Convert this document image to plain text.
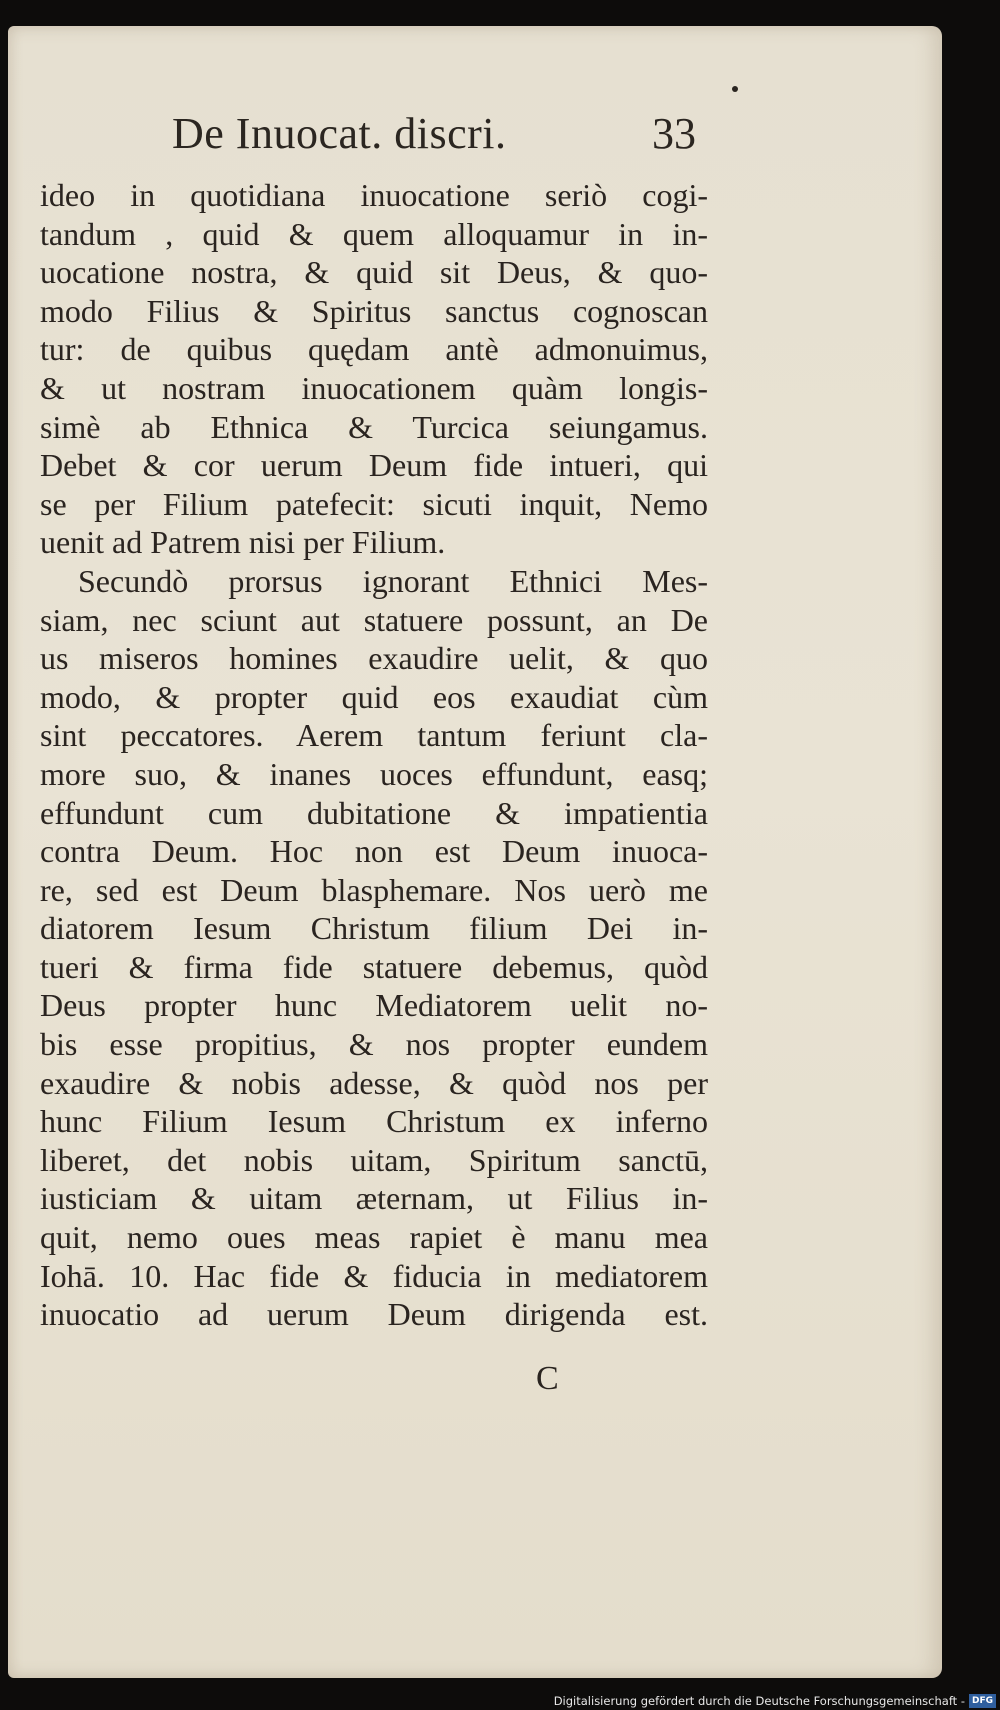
De Inuocat. discri.	33
ideo in quotidiana inuocatione seriò cogi-
tandum , quid & quem alloquamur in in-
uocatione nostra, & quid sit Deus, & quo-
modo Filius & Spiritus sanctus cognoscan
tur: de quibus quędam antè admonuimus,
& ut nostram inuocationem quàm longis-
simè ab Ethnica & Turcica seiungamus.
Debet & cor uerum Deum fide intueri, qui
se per Filium patefecit: sicuti inquit, Nemo
uenit ad Patrem nisi per Filium.
Secundò prorsus ignorant Ethnici Mes-
siam, nec sciunt aut statuere possunt, an De
us miseros homines exaudire uelit, & quo
modo, & propter quid eos exaudiat cùm
sint peccatores. Aerem tantum feriunt cla-
more suo, & inanes uoces effundunt, easq;
effundunt cum dubitatione & impatientia
contra Deum. Hoc non est Deum inuoca-
re, sed est Deum blasphemare. Nos uerò me
diatorem Iesum Christum filium Dei in-
tueri & firma fide statuere debemus, quòd
Deus propter hunc Mediatorem uelit no-
bis esse propitius, & nos propter eundem
exaudire & nobis adesse, & quòd nos per
hunc Filium Iesum Christum ex inferno
liberet, det nobis uitam, Spiritum sanctū,
iusticiam & uitam æternam, ut Filius in-
quit, nemo oues meas rapiet è manu mea
Iohā. 10. Hac fide & fiducia in mediatorem
inuocatio ad uerum Deum dirigenda est.
C
Digitalisierung gefördert durch die Deutsche Forschungsgemeinschaft - DFG
